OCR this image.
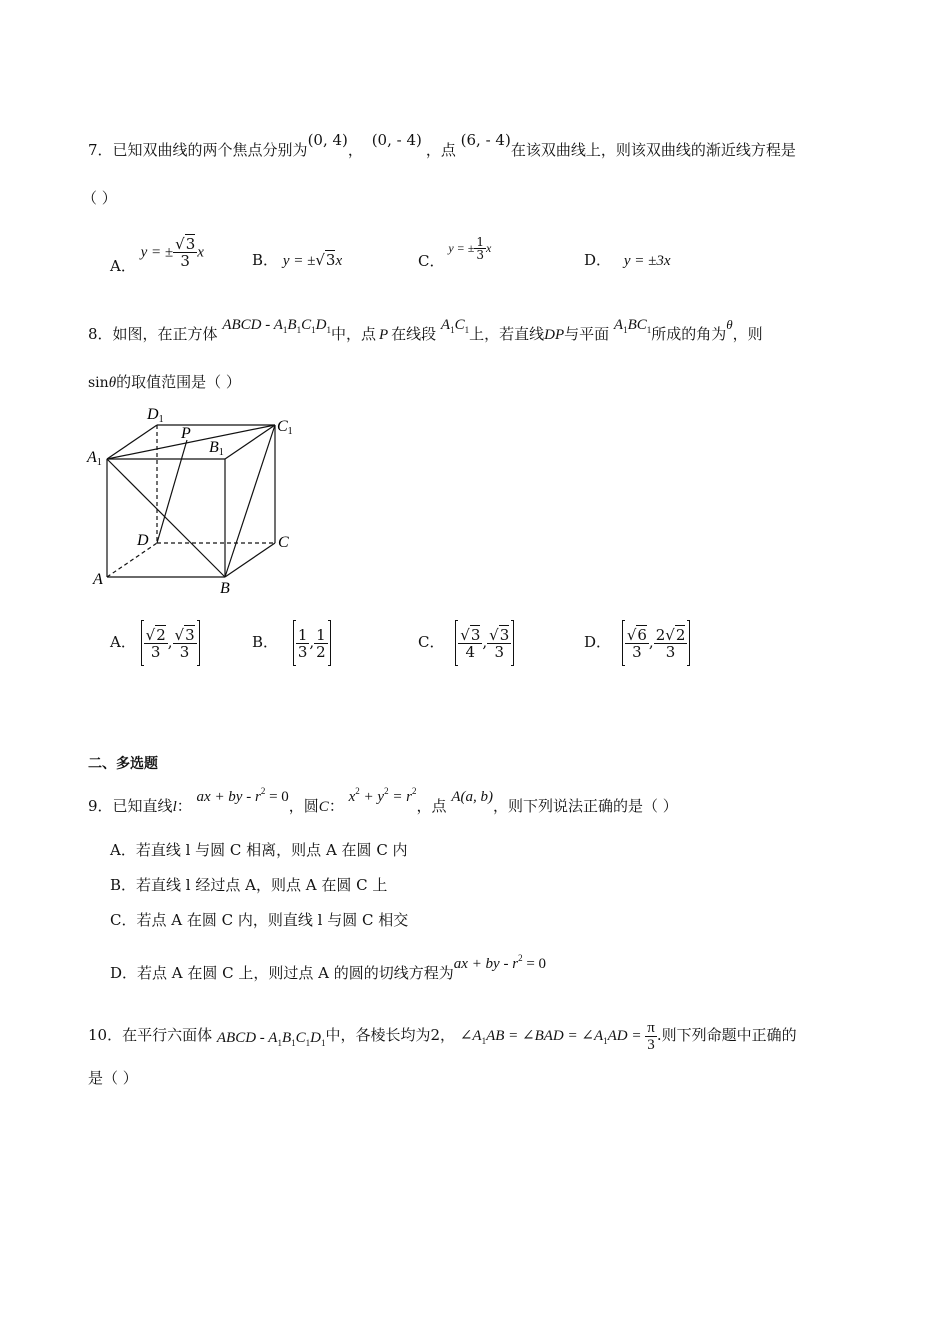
7．已知双曲线的两个焦点分别为(0, 4)， (0, - 4)，点 (6, - 4)在该双曲线上，则该双曲线的渐近线方程是
（ ）
A． y = ± $\frac{√3}{3}$ x	B． y = ±√3x	C． y = ± $\frac{1}{3}$ x
D． y = ±3x
8．如图，在正方体 ABCD - $A_1B_1C_1D_1$中，点 P 在线段 $A_1C_1$上，若直线DP与平面 $A_1BC_1$所成的角为θ，则
sinθ的取值范围是（ ）
D1	C1
P
B1
A1
D	C
A
B
A． $\frac{√2}{3}$ , $\frac{√3}{3}$	B． $\frac{1}{3}$ , $\frac{1}{2}$	C． $\frac{√3}{4}$ , $\frac{√3}{3}$	D． $\frac{√6}{3}$ , $\frac{2√2}{3}$
二、多选题
9．已知直线l： ax + by - $r^2 = 0$，圆C： $x^2 + y^2 = r^2$，点 A(a, b)，则下列说法正确的是（ ）
A．若直线 l 与圆 C 相离，则点 A 在圆 C 内
B．若直线 l 经过点 A，则点 A 在圆 C 上
C．若点 A 在圆 C 内，则直线 l 与圆 C 相交
D．若点 A 在圆 C 上，则过点 A 的圆的切线方程为ax + by - $r^2 = 0$
10．在平行六面体 ABCD - $A_1B_1C_1D_1$中，各棱长均为2， $\angle A_1AB$ = ∠BAD = $\angle A_1AD = \frac{\pi}{3}$ .则下列命题中正确的
是（ ）
